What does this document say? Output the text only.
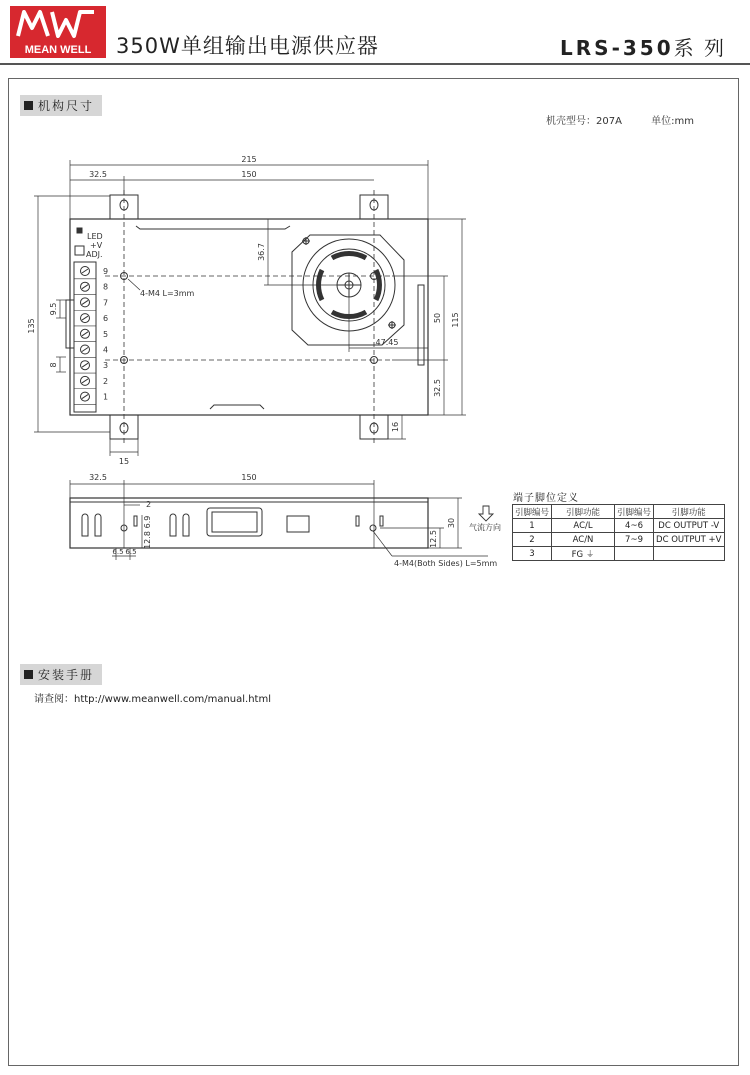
MEAN WELL 350W单组输出电源供应器	LRS-350系 列
机构尺寸
机壳型号：207A	单位:mm
215
32.5	150
135	115
50
32.5
36.7
47.45
9.5
8
15
16
LED
+V
ADJ.
4-M4 L=3mm
9
8
7
6
5
4
3
2
1
32.5	150
2
6.9
12.8
6.5 6.5
12.5
30
4-M4(Both Sides) L=5mm
气流方向
端子脚位定义
引脚编号	引脚功能	引脚编号	引脚功能
1	AC/L	4~6	DC OUTPUT -V
2	AC/N	7~9	DC OUTPUT +V
3	FG ⏚		
安装手册
请查阅：http://www.meanwell.com/manual.html
